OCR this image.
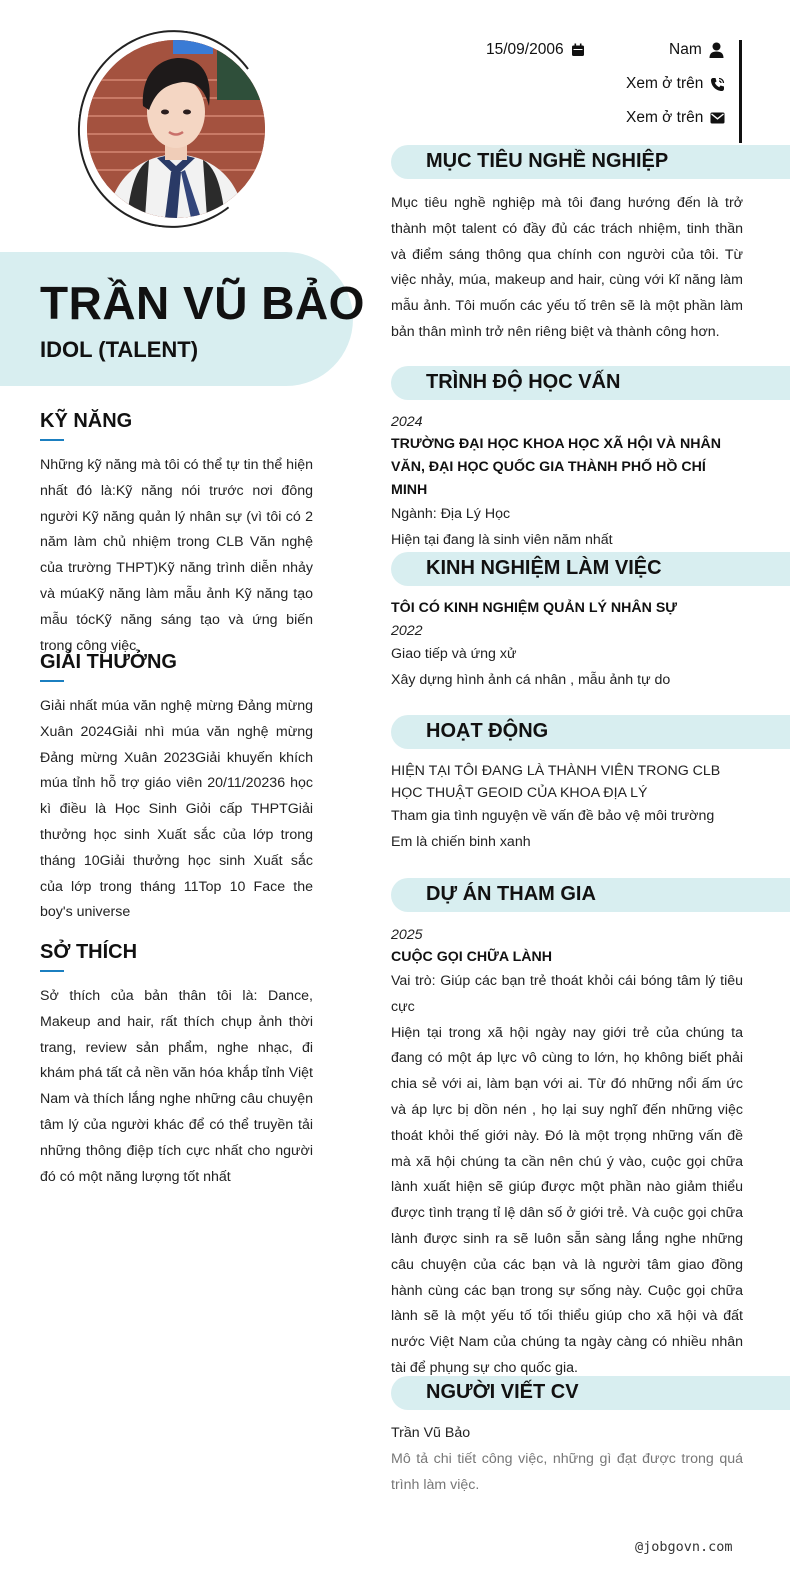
TRẦN VŨ BẢO
IDOL (TALENT)
KỸ NĂNG

Những kỹ năng mà tôi có thể tự tin thể hiện nhất đó là:Kỹ năng nói trước nơi đông người Kỹ năng quản lý nhân sự (vì tôi có 2 năm làm chủ nhiệm trong CLB Văn nghệ của trường THPT)Kỹ năng trình diễn nhảy và múaKỹ năng làm mẫu ảnh Kỹ năng tạo mẫu tócKỹ năng sáng tạo và ứng biến trong công việc

GIẢI THƯỞNG

Giải nhất múa văn nghệ mừng Đảng mừng Xuân 2024Giải nhì múa văn nghệ mừng Đảng mừng Xuân 2023Giải khuyến khích múa tỉnh hỗ trợ giáo viên 20/11/20236 học kì điều là Học Sinh Giỏi cấp THPTGiải thưởng học sinh Xuất sắc của lớp trong tháng 10Giải thưởng học sinh Xuất sắc của lớp trong tháng 11Top 10 Face the boy's universe

SỞ THÍCH

Sở thích của bản thân tôi là: Dance, Makeup and hair, rất thích chụp ảnh thời trang, review sản phẩm, nghe nhạc, đi khám phá tất cả nền văn hóa khắp tỉnh Việt Nam và thích lắng nghe những câu chuyện tâm lý của người khác để có thể truyền tải những thông điệp tích cực nhất cho người đó có một năng lượng tốt nhất

15/09/2006	Nam
Xem ở trên
Xem ở trên
MỤC TIÊU NGHỀ NGHIỆP

Mục tiêu nghề nghiệp mà tôi đang hướng đến là trở thành một talent có đầy đủ các trách nhiệm, tinh thần và điểm sáng thông qua chính con người của tôi. Từ việc nhảy, múa, makeup and hair, cùng với kĩ năng làm mẫu ảnh. Tôi muốn các yếu tố trên sẽ là một phần làm bản thân mình trở nên riêng biệt và thành công hơn.

TRÌNH ĐỘ HỌC VẤN
2024
TRƯỜNG ĐẠI HỌC KHOA HỌC XÃ HỘI VÀ NHÂN VĂN, ĐẠI HỌC QUỐC GIA THÀNH PHỐ HỒ CHÍ MINH
Ngành: Địa Lý Học
Hiện tại đang là sinh viên năm nhất
KINH NGHIỆM LÀM VIỆC
TÔI CÓ KINH NGHIỆM QUẢN LÝ NHÂN SỰ
2022
Giao tiếp và ứng xử
Xây dựng hình ảnh cá nhân , mẫu ảnh tự do
HOẠT ĐỘNG
HIỆN TẠI TÔI ĐANG LÀ THÀNH VIÊN TRONG CLB HỌC THUẬT GEOID CỦA KHOA ĐỊA LÝ
Tham gia tình nguyện về vấn đề bảo vệ môi trường
Em là chiến binh xanh
DỰ ÁN THAM GIA
2025
CUỘC GỌI CHỮA LÀNH

Vai trò: Giúp các bạn trẻ thoát khỏi cái bóng tâm lý tiêu cực

Hiện tại trong xã hội ngày nay giới trẻ của chúng ta đang có một áp lực vô cùng to lớn, họ không biết phải chia sẻ với ai, làm bạn với ai. Từ đó những nổi ấm ức và áp lực bị dồn nén , họ lại suy nghĩ đến những việc thoát khỏi thế giới này. Đó là một trọng những vấn đề mà xã hội chúng ta cần nên chú ý vào, cuộc gọi chữa lành xuất hiện sẽ giúp được một phần nào giảm thiểu được tình trạng tỉ lệ dân số ở giới trẻ. Và cuộc gọi chữa lành được sinh ra sẽ luôn sẵn sàng lắng nghe những câu chuyện của các bạn và là người tâm giao đồng hành cùng các bạn trong sự sống này. Cuộc gọi chữa lành sẽ là một yếu tố tối thiểu giúp cho xã hội và đất nước Việt Nam của chúng ta ngày càng có nhiều nhân tài để phụng sự cho quốc gia.

NGƯỜI VIẾT CV
Trần Vũ Bảo

Mô tả chi tiết công việc, những gì đạt được trong quá trình làm việc.

@jobgovn.com
